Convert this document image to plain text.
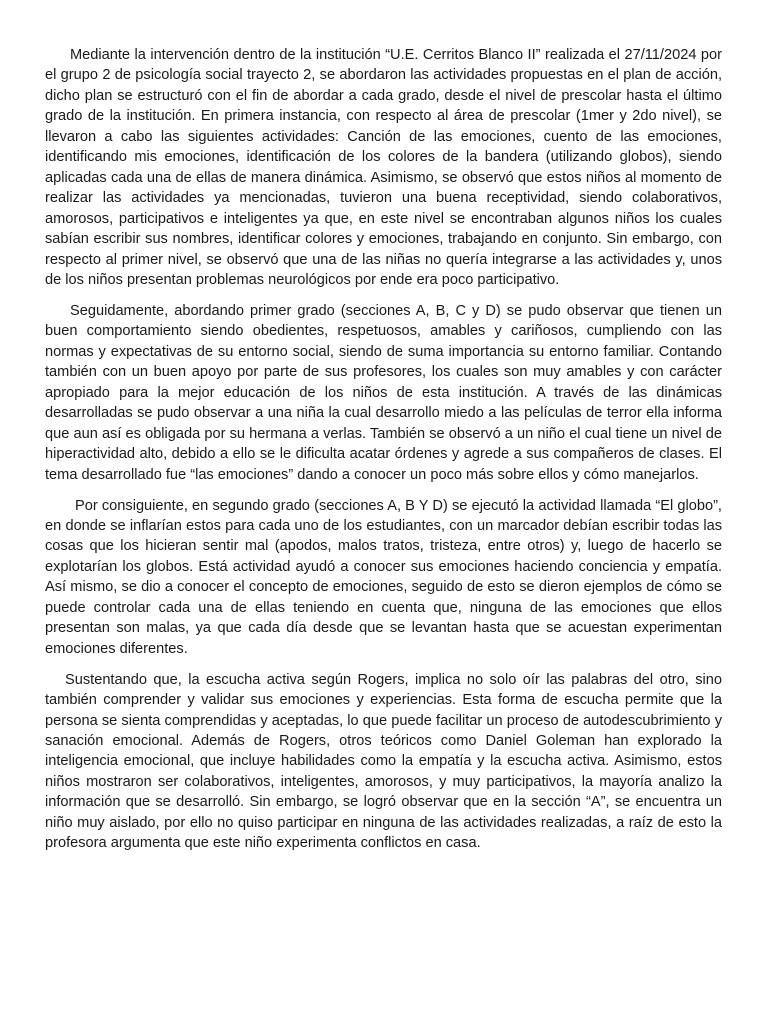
Mediante la intervención dentro de la institución “U.E. Cerritos Blanco II” realizada el 27/11/2024 por el grupo 2 de psicología social trayecto 2, se abordaron las actividades propuestas en el plan de acción, dicho plan se estructuró con el fin de abordar a cada grado, desde el nivel de prescolar hasta el último grado de la institución. En primera instancia, con respecto al área de prescolar (1mer y 2do nivel), se llevaron a cabo las siguientes actividades: Canción de las emociones, cuento de las emociones, identificando mis emociones, identificación de los colores de la bandera (utilizando globos), siendo aplicadas cada una de ellas de manera dinámica. Asimismo, se observó que estos niños al momento de realizar las actividades ya mencionadas, tuvieron una buena receptividad, siendo colaborativos, amorosos, participativos e inteligentes ya que, en este nivel se encontraban algunos niños los cuales sabían escribir sus nombres, identificar colores y emociones, trabajando en conjunto. Sin embargo, con respecto al primer nivel, se observó que una de las niñas no quería integrarse a las actividades y, unos de los niños presentan problemas neurológicos por ende era poco participativo.

Seguidamente, abordando primer grado (secciones A, B, C y D) se pudo observar que tienen un buen comportamiento siendo obedientes, respetuosos, amables y cariñosos, cumpliendo con las normas y expectativas de su entorno social, siendo de suma importancia su entorno familiar. Contando también con un buen apoyo por parte de sus profesores, los cuales son muy amables y con carácter apropiado para la mejor educación de los niños de esta institución. A través de las dinámicas desarrolladas se pudo observar a una niña la cual desarrollo miedo a las películas de terror ella informa que aun así es obligada por su hermana a verlas. También se observó a un niño el cual tiene un nivel de hiperactividad alto, debido a ello se le dificulta acatar órdenes y agrede a sus compañeros de clases. El tema desarrollado fue “las emociones” dando a conocer un poco más sobre ellos y cómo manejarlos.

Por consiguiente, en segundo grado (secciones A, B Y D) se ejecutó la actividad llamada “El globo”, en donde se inflarían estos para cada uno de los estudiantes, con un marcador debían escribir todas las cosas que los hicieran sentir mal (apodos, malos tratos, tristeza, entre otros) y, luego de hacerlo se explotarían los globos. Está actividad ayudó a conocer sus emociones haciendo conciencia y empatía. Así mismo, se dio a conocer el concepto de emociones, seguido de esto se dieron ejemplos de cómo se puede controlar cada una de ellas teniendo en cuenta que, ninguna de las emociones que ellos presentan son malas, ya que cada día desde que se levantan hasta que se acuestan experimentan emociones diferentes.

Sustentando que, la escucha activa según Rogers, implica no solo oír las palabras del otro, sino también comprender y validar sus emociones y experiencias. Esta forma de escucha permite que la persona se sienta comprendidas y aceptadas, lo que puede facilitar un proceso de autodescubrimiento y sanación emocional. Además de Rogers, otros teóricos como Daniel Goleman han explorado la inteligencia emocional, que incluye habilidades como la empatía y la escucha activa. Asimismo, estos niños mostraron ser colaborativos, inteligentes, amorosos, y muy participativos, la mayoría analizo la información que se desarrolló. Sin embargo, se logró observar que en la sección “A”, se encuentra un niño muy aislado, por ello no quiso participar en ninguna de las actividades realizadas, a raíz de esto la profesora argumenta que este niño experimenta conflictos en casa.
